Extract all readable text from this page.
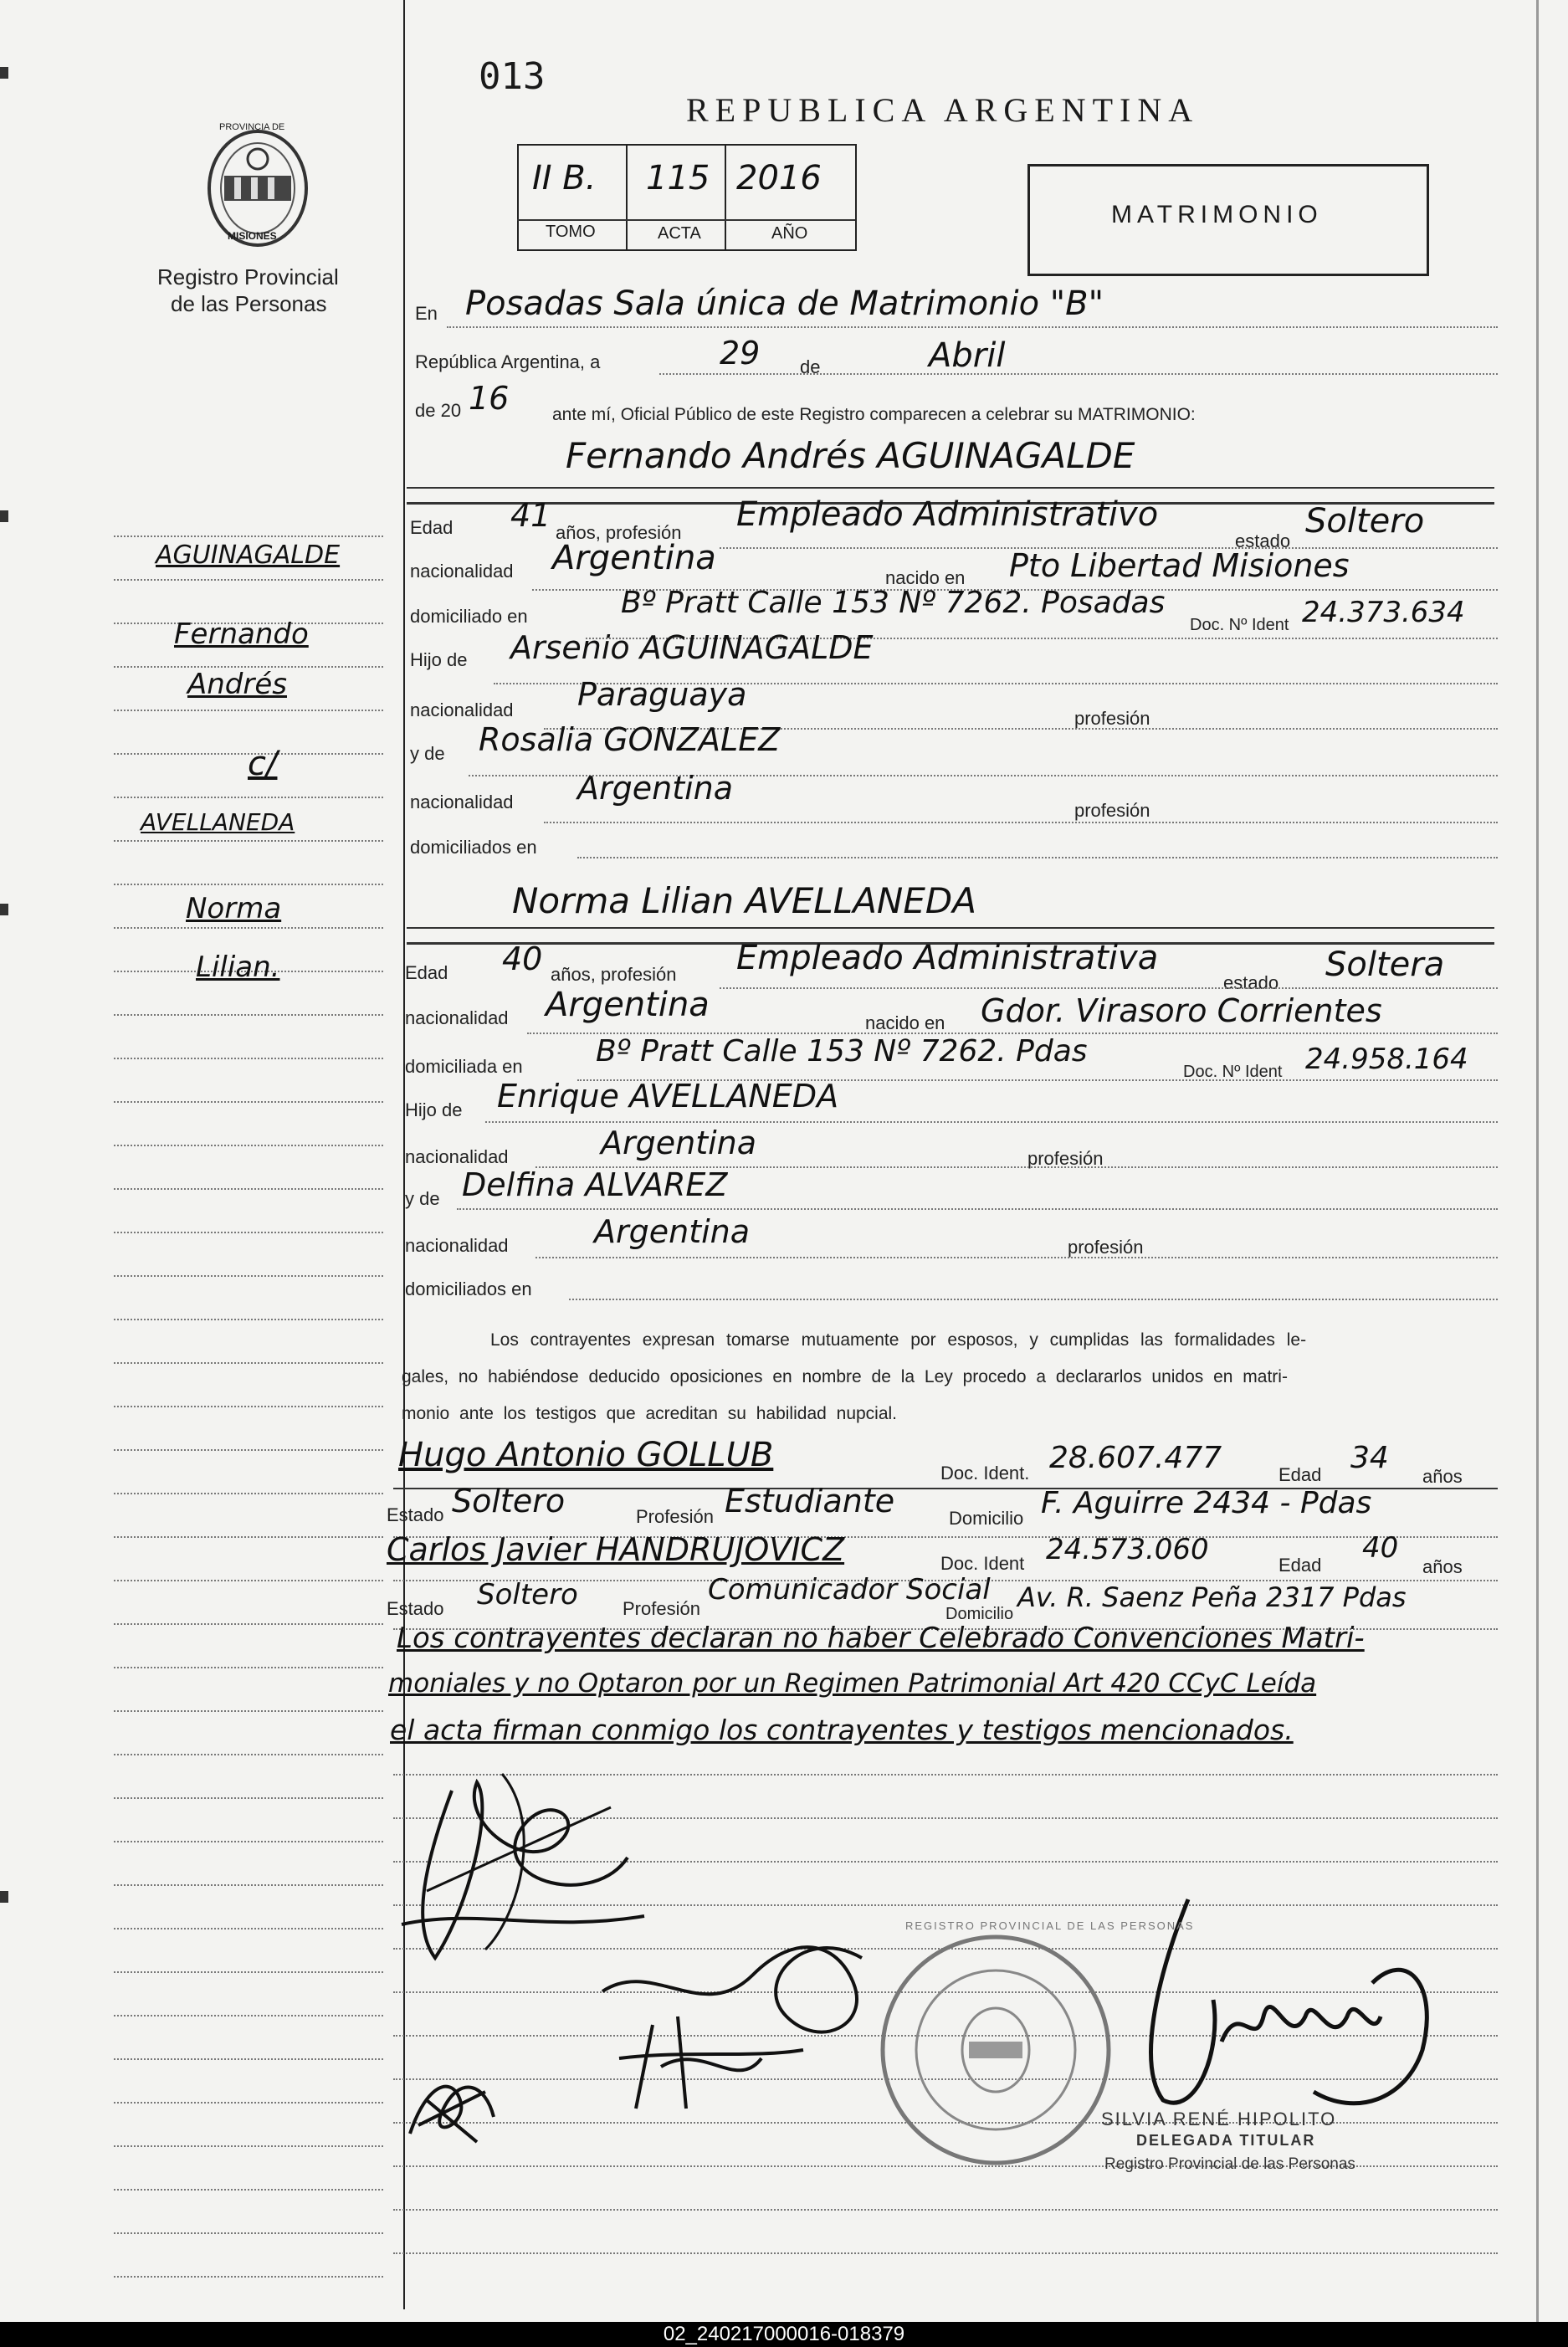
PROVINCIA DE
MISIONES
Registro Provincial
de las Personas
013
REPUBLICA ARGENTINA
II B. 115 2016
TOMO	ACTA	AÑO
MATRIMONIO
AGUINAGALDE
Fernando
Andrés
c/
AVELLANEDA
Norma
Lilian.
En Posadas Sala única de Matrimonio "B"
República Argentina, a	29 de	Abril
de 20 16 ante mí, Oficial Público de este Registro comparecen a celebrar su MATRIMONIO:
Fernando Andrés AGUINAGALDE
Edad 41 años, profesión Empleado Administrativo
estado
Soltero
nacionalidad Argentina
nacido en Pto Libertad Misiones
domiciliado en	Bº Pratt Calle 153 Nº 7262. Posadas
Doc. Nº Ident 24.373.634
Hijo de Arsenio AGUINAGALDE
nacionalidad Paraguaya
profesión
y de Rosalia GONZALEZ
nacionalidad Argentina
profesión
domiciliados en
Norma Lilian AVELLANEDA
Edad 40 años, profesión Empleado Administrativa
estado Soltera
nacionalidad Argentina	nacido en Gdor. Virasoro Corrientes
domiciliada en Bº Pratt Calle 153 Nº 7262. Pdas
Doc. Nº Ident 24.958.164
Hijo de Enrique AVELLANEDA
nacionalidad	Argentina	profesión
y de Delfina ALVAREZ
nacionalidad	Argentina	profesión
domiciliados en
Los contrayentes expresan tomarse mutuamente por esposos, y cumplidas las formalidades le-
gales, no habiéndose deducido oposiciones en nombre de la Ley procedo a declararlos unidos en matri-
monio ante los testigos que acreditan su habilidad nupcial.
Hugo Antonio GOLLUB	Doc. Ident. 28.607.477	Edad 34
años
Estado Soltero	Profesión Estudiante	Domicilio F. Aguirre 2434 - Pdas
Carlos Javier HANDRUJOVICZ	Doc. Ident 24.573.060	Edad
40
años
Estado Soltero Profesión
Comunicador Social
Domicilio
Av. R. Saenz Peña 2317 Pdas
Los contrayentes declaran no haber Celebrado Convenciones Matri-
moniales y no Optaron por un Regimen Patrimonial Art 420 CCyC Leída
el acta firman conmigo los contrayentes y testigos mencionados.
REGISTRO PROVINCIAL DE LAS PERSONAS
SILVIA RENÉ HIPOLITO
DELEGADA TITULAR
Registro Provincial de las Personas
02_240217000016-018379
